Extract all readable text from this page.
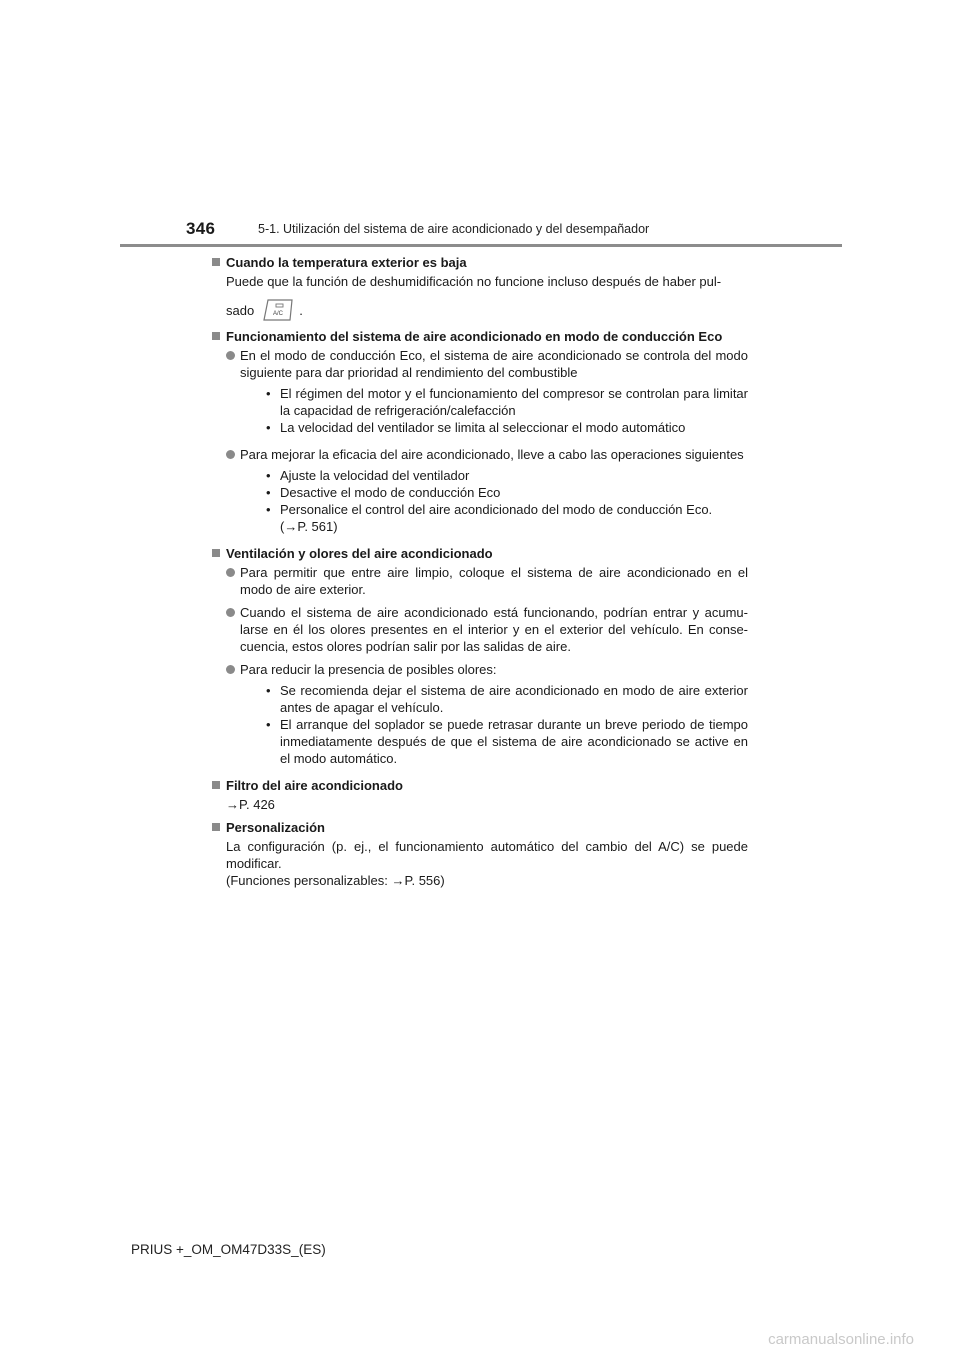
346	5-1. Utilización del sistema de aire acondicionado y del desempañador
Cuando la temperatura exterior es baja
Puede que la función de deshumidificación no funcione incluso después de haber pul-
sado	A/C .
Funcionamiento del sistema de aire acondicionado en modo de conducción Eco
En el modo de conducción Eco, el sistema de aire acondicionado se controla del modo siguiente para dar prioridad al rendimiento del combustible
• El régimen del motor y el funcionamiento del compresor se controlan para limitar la capacidad de refrigeración/calefacción
• La velocidad del ventilador se limita al seleccionar el modo automático
Para mejorar la eficacia del aire acondicionado, lleve a cabo las operaciones siguientes
• Ajuste la velocidad del ventilador
• Desactive el modo de conducción Eco
• Personalice el control del aire acondicionado del modo de conducción Eco.
(→P. 561)
Ventilación y olores del aire acondicionado
Para permitir que entre aire limpio, coloque el sistema de aire acondicionado en el modo de aire exterior.
Cuando el sistema de aire acondicionado está funcionando, podrían entrar y acumu-larse en él los olores presentes en el interior y en el exterior del vehículo. En conse-cuencia, estos olores podrían salir por las salidas de aire.
Para reducir la presencia de posibles olores:
• Se recomienda dejar el sistema de aire acondicionado en modo de aire exterior antes de apagar el vehículo.
• El arranque del soplador se puede retrasar durante un breve periodo de tiempo inmediatamente después de que el sistema de aire acondicionado se active en el modo automático.
Filtro del aire acondicionado
→P. 426
Personalización
La configuración (p. ej., el funcionamiento automático del cambio del A/C) se puede modificar.
(Funciones personalizables: →P. 556)
PRIUS +_OM_OM47D33S_(ES)
carmanualsonline.info
